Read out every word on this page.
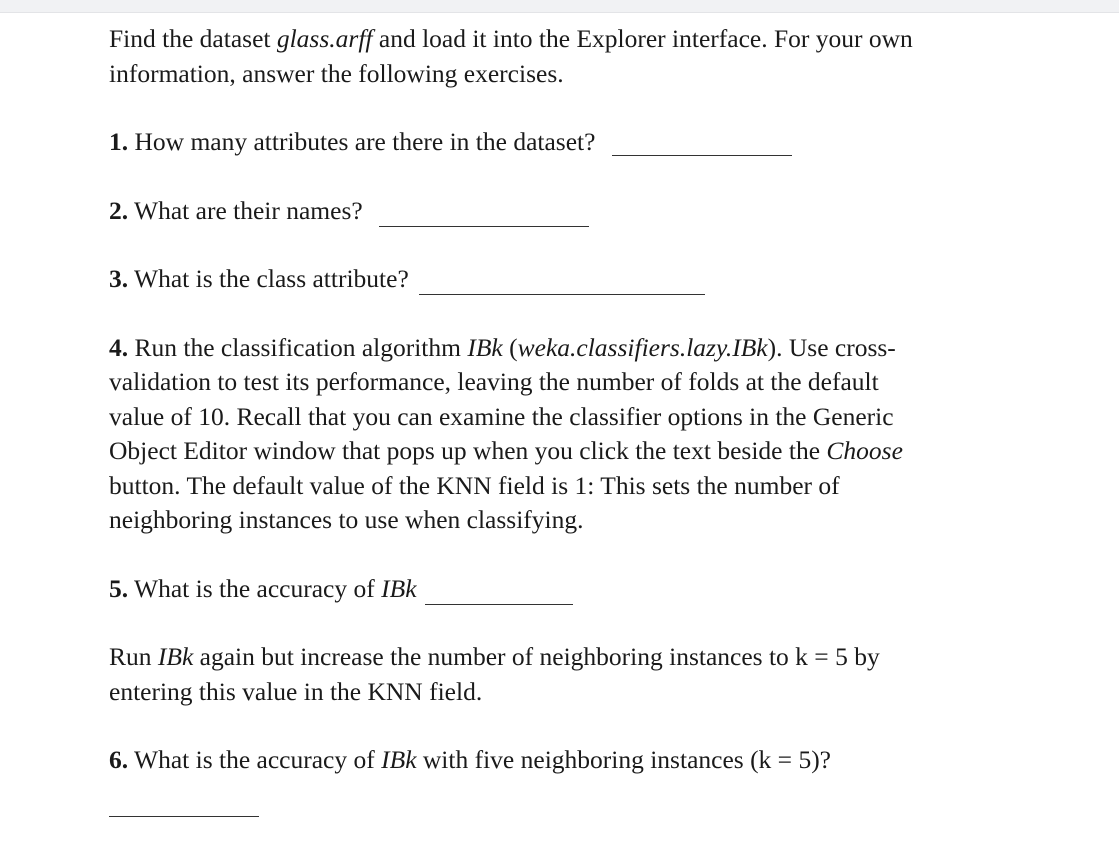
Find the dataset glass.arff and load it into the Explorer interface. For your own
information, answer the following exercises.

1. How many attributes are there in the dataset?

2. What are their names?

3. What is the class attribute?

4. Run the classification algorithm IBk (weka.classifiers.lazy.IBk). Use cross-
validation to test its performance, leaving the number of folds at the default
value of 10. Recall that you can examine the classifier options in the Generic
Object Editor window that pops up when you click the text beside the Choose
button. The default value of the KNN field is 1: This sets the number of
neighboring instances to use when classifying.

5. What is the accuracy of IBk

Run IBk again but increase the number of neighboring instances to k = 5 by
entering this value in the KNN field.

6. What is the accuracy of IBk with five neighboring instances (k = 5)?
